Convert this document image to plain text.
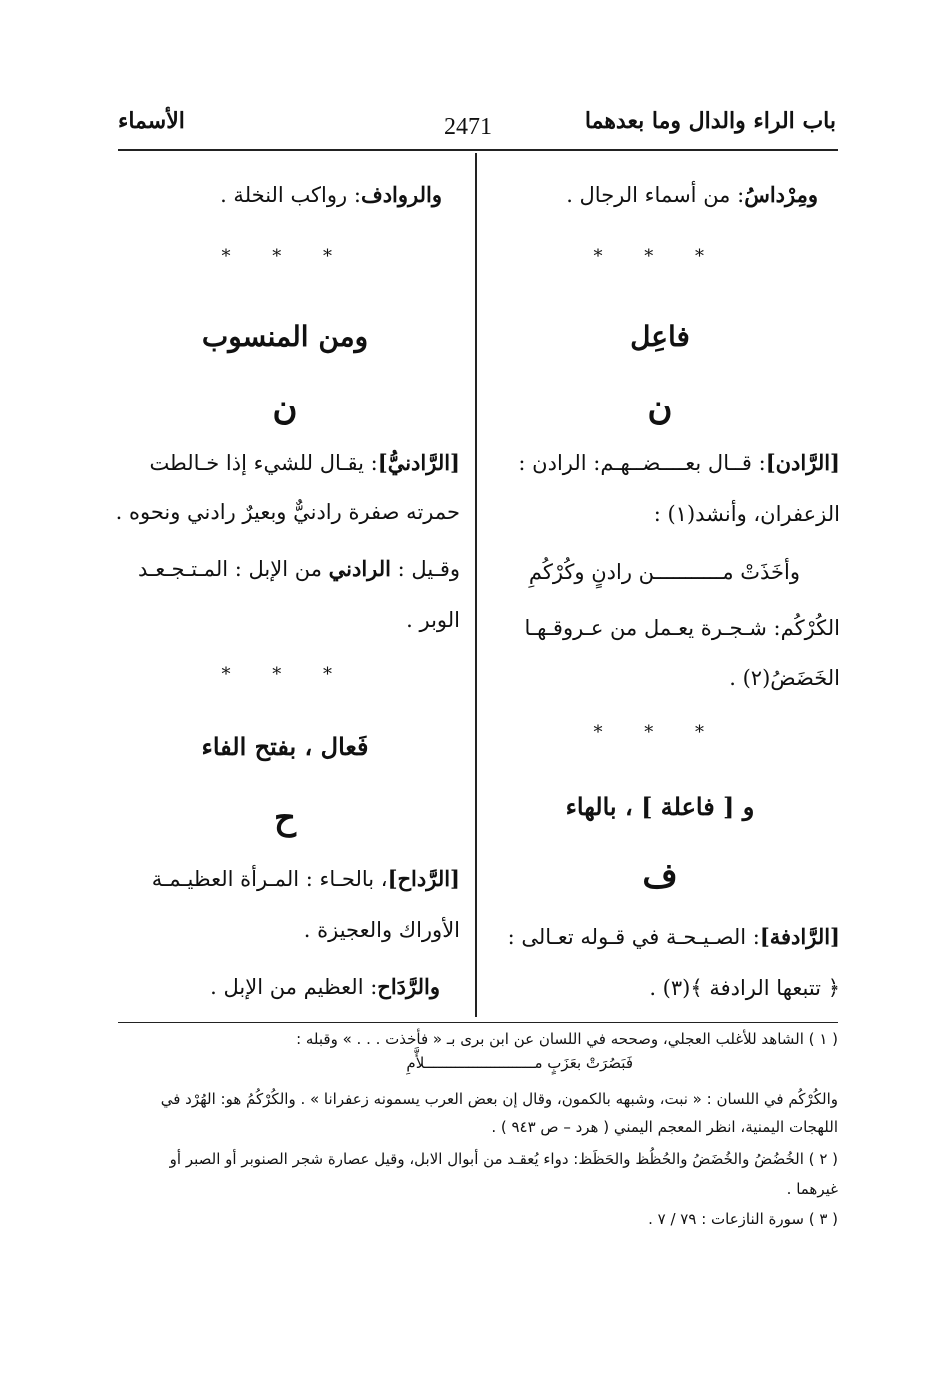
الأسماء	2471	باب الراء والدال وما بعدهما
ومِرْداسُ: من أسماء الرجال .
* * *
فاعِل
ن
[الرَّادن]: قــال بعــــضــهـم: الرادن :
الزعفران، وأنشد(١) :
وأخَذَتْ مـــــــــــن رادنٍ وكُرْكُمِ
الكُرْكُم: شـجـرة يعـمل من عـروقـهـا
الخَضَضُ(٢) .
* * *
و [ فاعلة ] ، بالهاء
ف
[الرَّادفة]: الصـيـحـة في قـوله تعـالى :
﴿ تتبعها الرادفة ﴾(٣) .
والروادف: رواكب النخلة .
* * *
ومن المنسوب
ن
[الرَّادنيُّ]: يقـال للشيء إذا خـالطت
حمرته صفرة رادنيٌّ وبعيرٌ رادني ونحوه .
وقـيل : الرادني من الإبل : المـتـجـعـد
الوبر .
* * *
فَعال ، بفتح الفاء
ح
[الرَّداح]، بالحـاء : المـرأة العظيـمـة
الأوراك والعجيزة .
والرَّدَاح: العظيم من الإبل .
( ١ ) الشاهد للأغلب العجلي، وصححه في اللسان عن ابن برى بـ « فأخذت . . . » وقبله :
فَبَصُرَتْ بعَزَبٍ مـــــــــــــــــــــــــلأَّمِ
والكُرْكُم في اللسان : « نبت، وشبهه بالكمون، وقال إن بعض العرب يسمونه زعفرانا » . والكُرْكُمُ هو: الهُرْد في
اللهجات اليمنية، انظر المعجم اليمني ( هرد – ص ٩٤٣ ) .
( ٢ ) الخُضُضُ والخُضَضُ والحُظُظ والحَظَظ: دواء يُعقـد من أبوال الابل، وقيل عصارة شجر الصنوبر أو الصبر أو
غيرهما .
( ٣ ) سورة النازعات : ٧٩ / ٧ .
